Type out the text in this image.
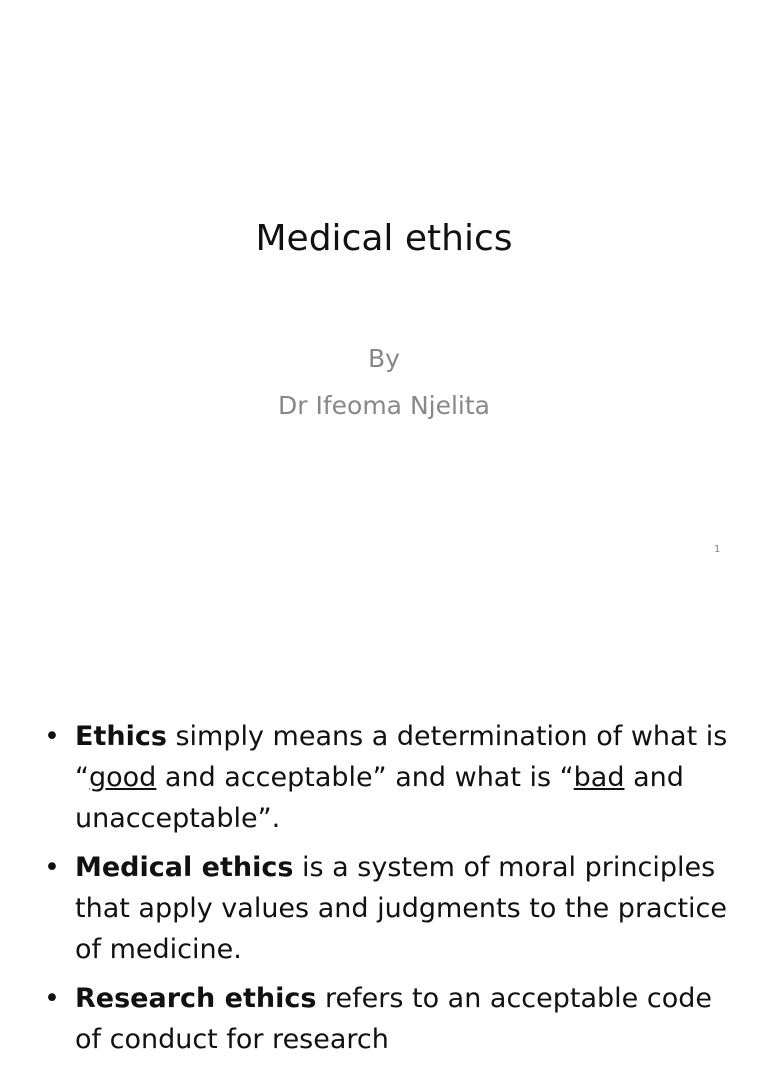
Medical ethics
By
Dr Ifeoma Njelita
1
• Ethics simply means a determination of what is “good and acceptable” and what is “bad and unacceptable”.
• Medical ethics is a system of moral principles that apply values and judgments to the practice of medicine.
• Research ethics refers to an acceptable code of conduct for research
